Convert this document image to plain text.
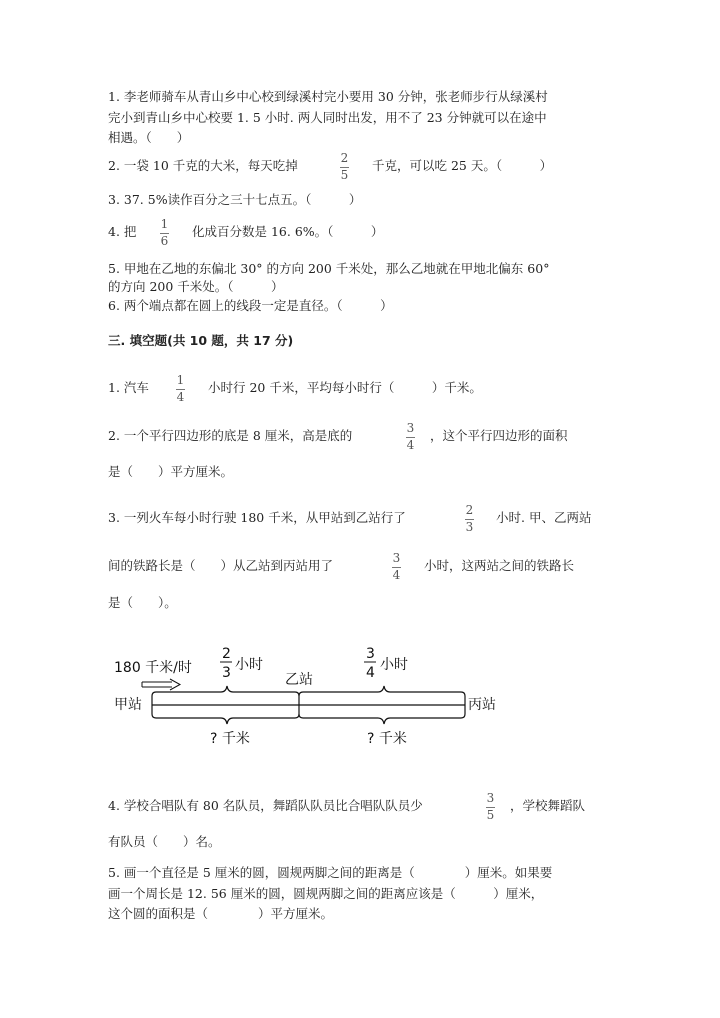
1. 李老师骑车从青山乡中心校到绿溪村完小要用 30 分钟，张老师步行从绿溪村
完小到青山乡中心校要 1. 5 小时. 两人同时出发，用不了 23 分钟就可以在途中
相遇。（　　）
2. 一袋 10 千克的大米，每天吃掉	2
5
千克，可以吃 25 天。（　　　）
3. 37. 5%读作百分之三十七点五。（　　　）
4. 把 1
6
化成百分数是 16. 6%。（　　　）
5. 甲地在乙地的东偏北 30° 的方向 200 千米处，那么乙地就在甲地北偏东 60°
的方向 200 千米处。（　　　）
6. 两个端点都在圆上的线段一定是直径。（　　　）
三. 填空题(共 10 题，共 17 分)
1. 汽车 1
4
小时行 20 千米，平均每小时行（　　　）千米。
2. 一个平行四边形的底是 8 厘米，高是底的	3
4
，这个平行四边形的面积
是（　　）平方厘米。
3. 一列火车每小时行驶 180 千米，从甲站到乙站行了	2
3
小时. 甲、乙两站
间的铁路长是（　　）从乙站到丙站用了	3
4
小时，这两站之间的铁路长
是（　　）。
180 千米/时
2
3 小时
3
4 小时
乙站
甲站	丙站
? 千米	? 千米
4. 学校合唱队有 80 名队员，舞蹈队队员比合唱队队员少	3
5
，学校舞蹈队
有队员（　　）名。
5. 画一个直径是 5 厘米的圆，圆规两脚之间的距离是（　　　　）厘米。如果要
画一个周长是 12. 56 厘米的圆，圆规两脚之间的距离应该是（　　　）厘米，
这个圆的面积是（　　　　）平方厘米。
